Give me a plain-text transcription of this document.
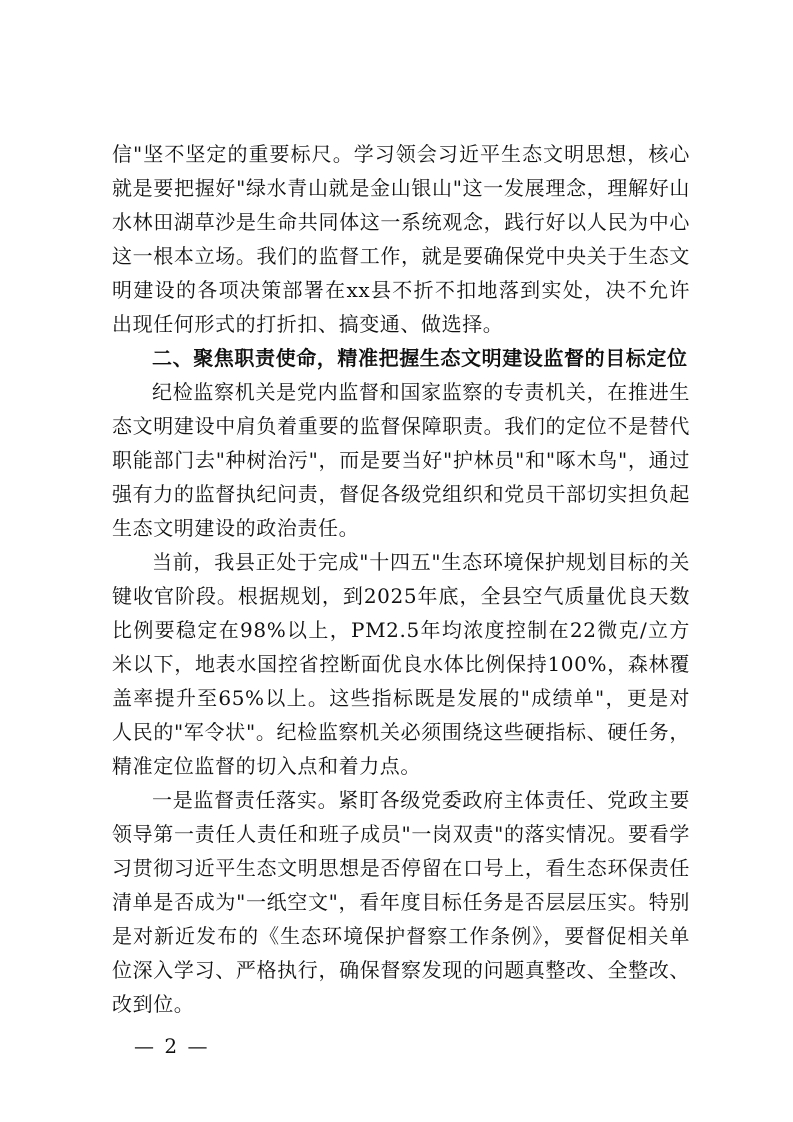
信"坚不坚定的重要标尺。学习领会习近平生态文明思想，核心就是要把握好"绿水青山就是金山银山"这一发展理念，理解好山水林田湖草沙是生命共同体这一系统观念，践行好以人民为中心这一根本立场。我们的监督工作，就是要确保党中央关于生态文明建设的各项决策部署在xx县不折不扣地落到实处，决不允许出现任何形式的打折扣、搞变通、做选择。

二、聚焦职责使命，精准把握生态文明建设监督的目标定位

纪检监察机关是党内监督和国家监察的专责机关，在推进生态文明建设中肩负着重要的监督保障职责。我们的定位不是替代职能部门去"种树治污"，而是要当好"护林员"和"啄木鸟"，通过强有力的监督执纪问责，督促各级党组织和党员干部切实担负起生态文明建设的政治责任。

当前，我县正处于完成"十四五"生态环境保护规划目标的关键收官阶段。根据规划，到2025年底，全县空气质量优良天数比例要稳定在98%以上，PM2.5年均浓度控制在22微克/立方米以下，地表水国控省控断面优良水体比例保持100%，森林覆盖率提升至65%以上。这些指标既是发展的"成绩单"，更是对人民的"军令状"。纪检监察机关必须围绕这些硬指标、硬任务，精准定位监督的切入点和着力点。

一是监督责任落实。紧盯各级党委政府主体责任、党政主要领导第一责任人责任和班子成员"一岗双责"的落实情况。要看学习贯彻习近平生态文明思想是否停留在口号上，看生态环保责任清单是否成为"一纸空文"，看年度目标任务是否层层压实。特别是对新近发布的《生态环境保护督察工作条例》，要督促相关单位深入学习、严格执行，确保督察发现的问题真整改、全整改、改到位。

— 2 —
